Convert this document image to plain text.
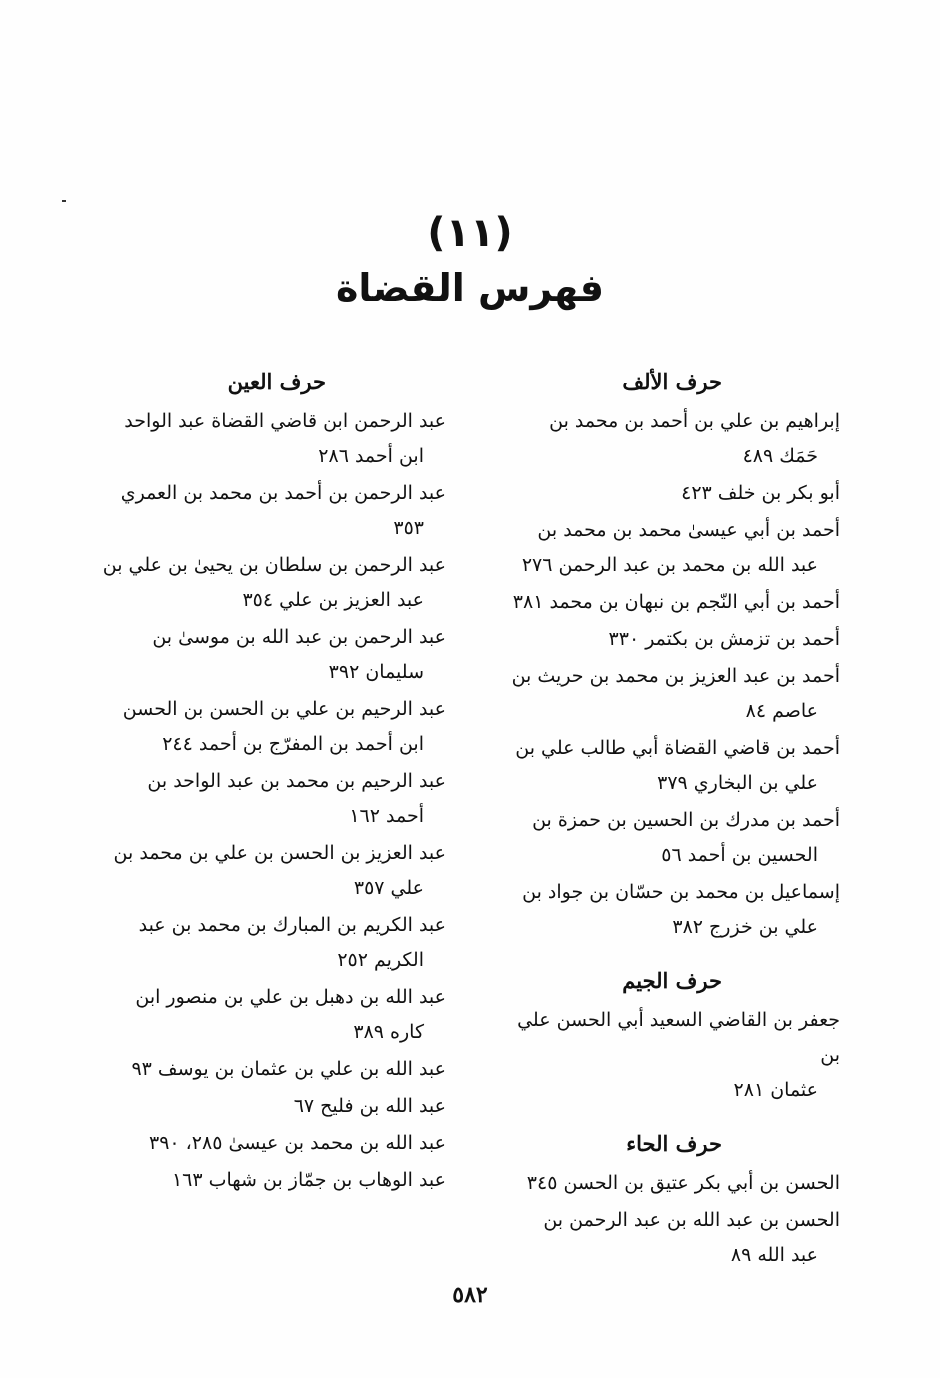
(١١)
فهرس القضاة
حرف الألف
إبراهيم بن علي بن أحمد بن محمد بن
حَمَك ٤٨٩
أبو بكر بن خلف ٤٢٣
أحمد بن أبي عيسىٰ محمد بن محمد بن
عبد الله بن محمد بن عبد الرحمن ٢٧٦
أحمد بن أبي النّجم بن نبهان بن محمد ٣٨١
أحمد بن تزمش بن بكتمر ٣٣٠
أحمد بن عبد العزيز بن محمد بن حريث بن
عاصم ٨٤
أحمد بن قاضي القضاة أبي طالب علي بن
علي بن البخاري ٣٧٩
أحمد بن مدرك بن الحسين بن حمزة بن
الحسين بن أحمد ٥٦
إسماعيل بن محمد بن حسّان بن جواد بن
علي بن خزرج ٣٨٢
حرف الجيم
جعفر بن القاضي السعيد أبي الحسن علي بن
عثمان ٢٨١
حرف الحاء
الحسن بن أبي بكر عتيق بن الحسن ٣٤٥
الحسن بن عبد الله بن عبد الرحمن بن
عبد الله ٨٩
حرف العين
عبد الرحمن ابن قاضي القضاة عبد الواحد
ابن أحمد ٢٨٦
عبد الرحمن بن أحمد بن محمد بن العمري
٣٥٣
عبد الرحمن بن سلطان بن يحيىٰ بن علي بن
عبد العزيز بن علي ٣٥٤
عبد الرحمن بن عبد الله بن موسىٰ بن
سليمان ٣٩٢
عبد الرحيم بن علي بن الحسن بن الحسن
ابن أحمد بن المفرّج بن أحمد ٢٤٤
عبد الرحيم بن محمد بن عبد الواحد بن
أحمد ١٦٢
عبد العزيز بن الحسن بن علي بن محمد بن
علي ٣٥٧
عبد الكريم بن المبارك بن محمد بن عبد
الكريم ٢٥٢
عبد الله بن دهبل بن علي بن منصور ابن
كاره ٣٨٩
عبد الله بن علي بن عثمان بن يوسف ٩٣
عبد الله بن فليح ٦٧
عبد الله بن محمد بن عيسىٰ ٢٨٥، ٣٩٠
عبد الوهاب بن جمّاز بن شهاب ١٦٣
٥٨٢
